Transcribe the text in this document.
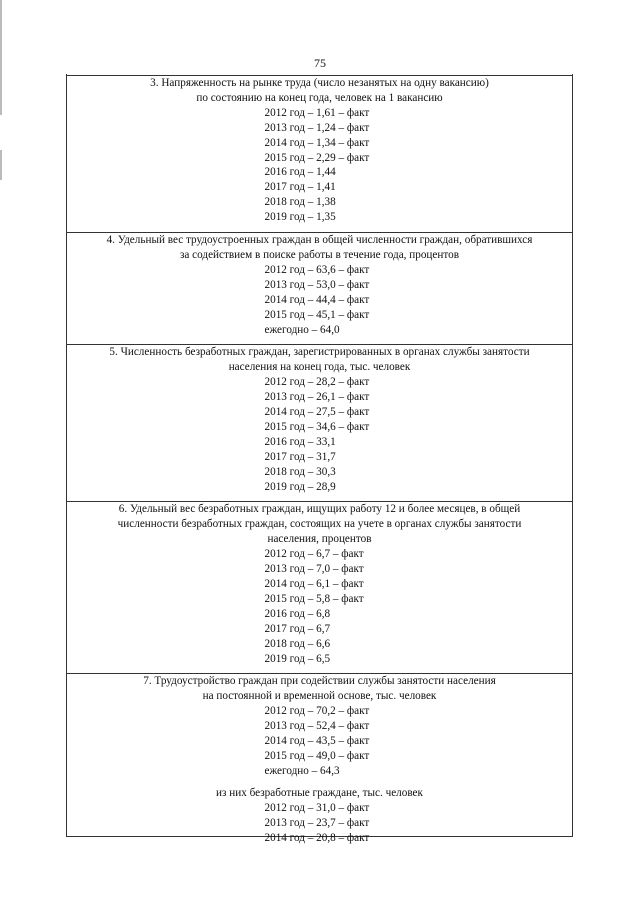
75
3. Напряженность на рынке труда (число незанятых на одну вакансию)
по состоянию на конец года, человек на 1 вакансию
2012 год – 1,61 – факт
2013 год – 1,24 – факт
2014 год – 1,34 – факт
2015 год – 2,29 – факт
2016 год – 1,44
2017 год – 1,41
2018 год – 1,38
2019 год – 1,35
4. Удельный вес трудоустроенных граждан в общей численности граждан, обратившихся
за содействием в поиске работы в течение года, процентов
2012 год – 63,6 – факт
2013 год – 53,0 – факт
2014 год – 44,4 – факт
2015 год – 45,1 – факт
ежегодно – 64,0
5. Численность безработных граждан, зарегистрированных в органах службы занятости
населения на конец года, тыс. человек
2012 год – 28,2 – факт
2013 год – 26,1 – факт
2014 год – 27,5 – факт
2015 год – 34,6 – факт
2016 год – 33,1
2017 год – 31,7
2018 год – 30,3
2019 год – 28,9
6. Удельный вес безработных граждан, ищущих работу 12 и более месяцев, в общей
численности безработных граждан, состоящих на учете в органах службы занятости
населения, процентов
2012 год – 6,7 – факт
2013 год – 7,0 – факт
2014 год – 6,1 – факт
2015 год – 5,8 – факт
2016 год – 6,8
2017 год – 6,7
2018 год – 6,6
2019 год – 6,5
7. Трудоустройство граждан при содействии службы занятости населения
на постоянной и временной основе, тыс. человек
2012 год – 70,2 – факт
2013 год – 52,4 – факт
2014 год – 43,5 – факт
2015 год – 49,0 – факт
ежегодно – 64,3
из них безработные граждане, тыс. человек
2012 год – 31,0 – факт
2013 год – 23,7 – факт
2014 год – 20,8 – факт
